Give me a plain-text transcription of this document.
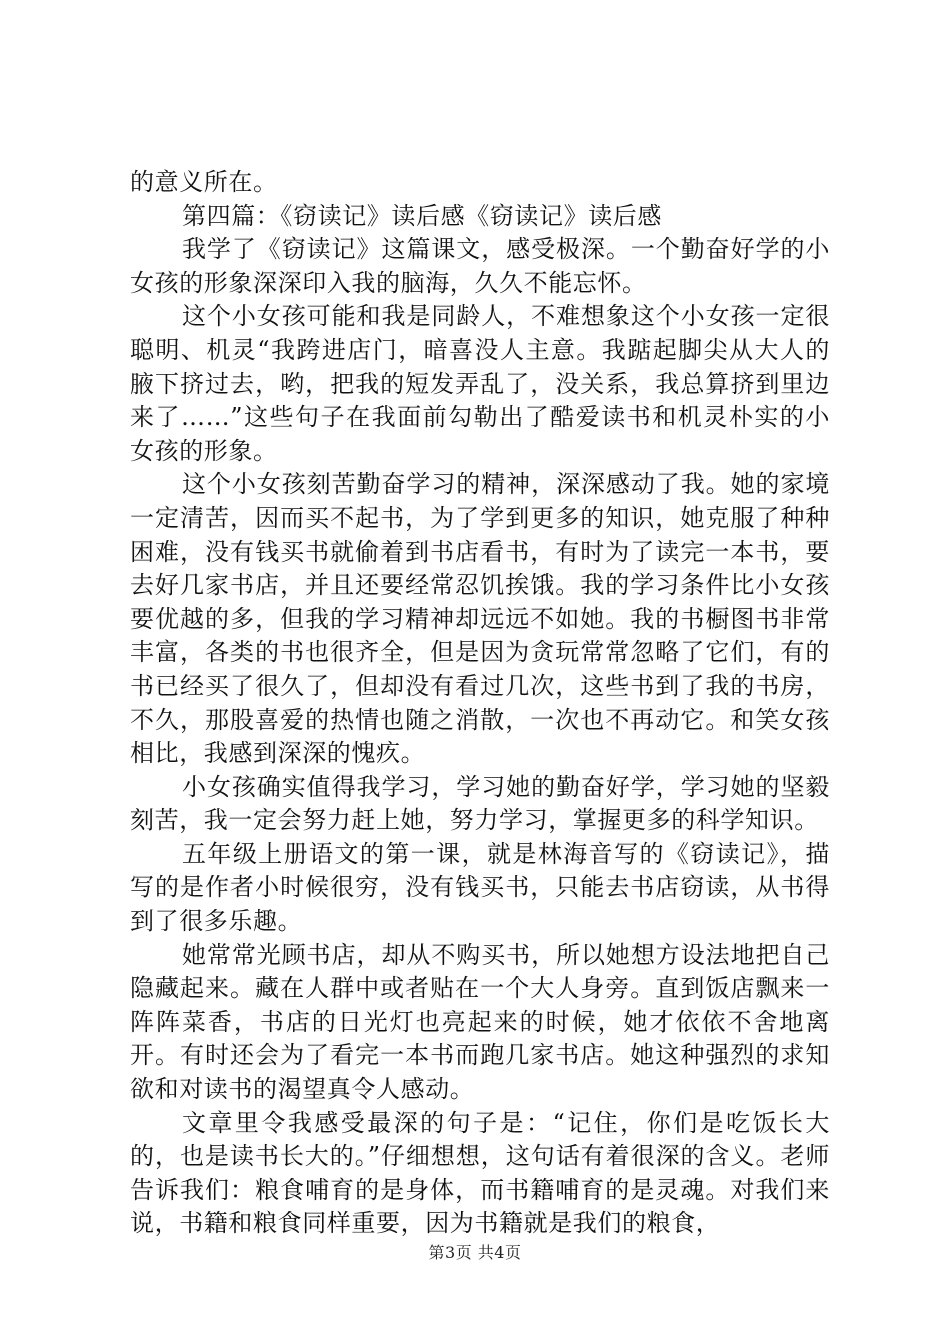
的意义所在。

第四篇：《窃读记》读后感《窃读记》读后感

我学了《窃读记》这篇课文，感受极深。一个勤奋好学的小女孩的形象深深印入我的脑海，久久不能忘怀。

这个小女孩可能和我是同龄人，不难想象这个小女孩一定很聪明、机灵“我跨进店门，暗喜没人主意。我踮起脚尖从大人的腋下挤过去，哟，把我的短发弄乱了，没关系，我总算挤到里边来了……”这些句子在我面前勾勒出了酷爱读书和机灵朴实的小女孩的形象。

这个小女孩刻苦勤奋学习的精神，深深感动了我。她的家境一定清苦，因而买不起书，为了学到更多的知识，她克服了种种困难，没有钱买书就偷着到书店看书，有时为了读完一本书，要去好几家书店，并且还要经常忍饥挨饿。我的学习条件比小女孩要优越的多，但我的学习精神却远远不如她。我的书橱图书非常丰富，各类的书也很齐全，但是因为贪玩常常忽略了它们，有的书已经买了很久了，但却没有看过几次，这些书到了我的书房，不久，那股喜爱的热情也随之消散，一次也不再动它。和笑女孩相比，我感到深深的愧疚。

小女孩确实值得我学习，学习她的勤奋好学，学习她的坚毅刻苦，我一定会努力赶上她，努力学习，掌握更多的科学知识。

五年级上册语文的第一课，就是林海音写的《窃读记》，描写的是作者小时候很穷，没有钱买书，只能去书店窃读，从书得到了很多乐趣。

她常常光顾书店，却从不购买书，所以她想方设法地把自己隐藏起来。藏在人群中或者贴在一个大人身旁。直到饭店飘来一阵阵菜香，书店的日光灯也亮起来的时候，她才依依不舍地离开。有时还会为了看完一本书而跑几家书店。她这种强烈的求知欲和对读书的渴望真令人感动。

文章里令我感受最深的句子是：“记住，你们是吃饭长大的，也是读书长大的。”仔细想想，这句话有着很深的含义。老师告诉我们：粮食哺育的是身体，而书籍哺育的是灵魂。对我们来说，书籍和粮食同样重要，因为书籍就是我们的粮食，

第3页 共4页
